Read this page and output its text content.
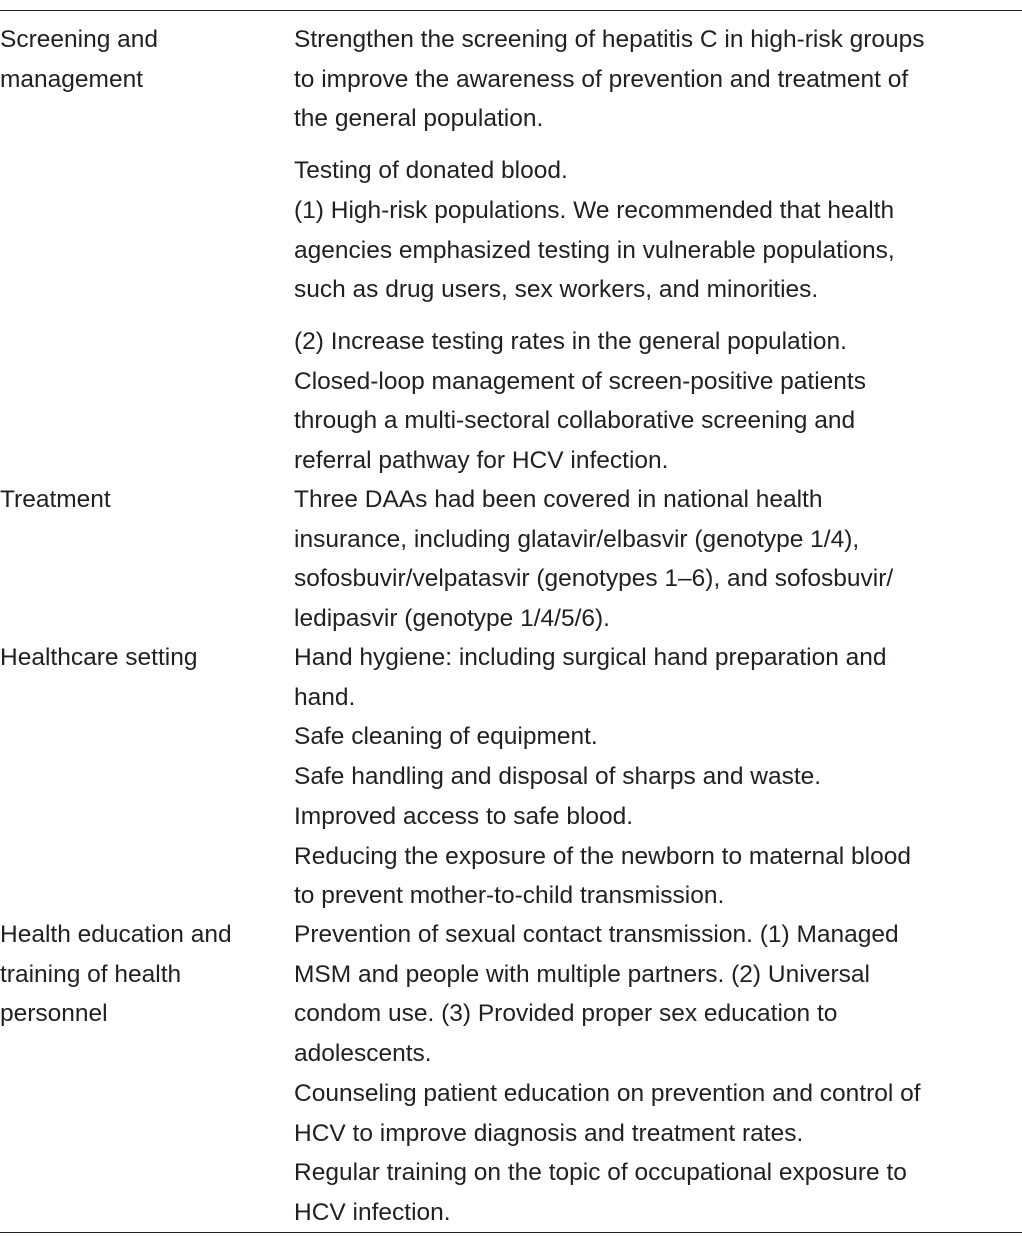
Screening and
management

Strengthen the screening of hepatitis C in high-risk groups
to improve the awareness of prevention and treatment of
the general population.

Testing of donated blood.
(1) High-risk populations. We recommended that health
agencies emphasized testing in vulnerable populations,
such as drug users, sex workers, and minorities.

(2) Increase testing rates in the general population.
Closed-loop management of screen-positive patients
through a multi-sectoral collaborative screening and
referral pathway for HCV infection.

Treatment	Three DAAs had been covered in national health
insurance, including glatavir/elbasvir (genotype 1/4),
sofosbuvir/velpatasvir (genotypes 1–6), and sofosbuvir/
ledipasvir (genotype 1/4/5/6).

Healthcare setting	Hand hygiene: including surgical hand preparation and
hand.
Safe cleaning of equipment.
Safe handling and disposal of sharps and waste.
Improved access to safe blood.
Reducing the exposure of the newborn to maternal blood
to prevent mother-to-child transmission.

Health education and
training of health
personnel

Prevention of sexual contact transmission. (1) Managed
MSM and people with multiple partners. (2) Universal
condom use. (3) Provided proper sex education to
adolescents.
Counseling patient education on prevention and control of
HCV to improve diagnosis and treatment rates.
Regular training on the topic of occupational exposure to
HCV infection.
